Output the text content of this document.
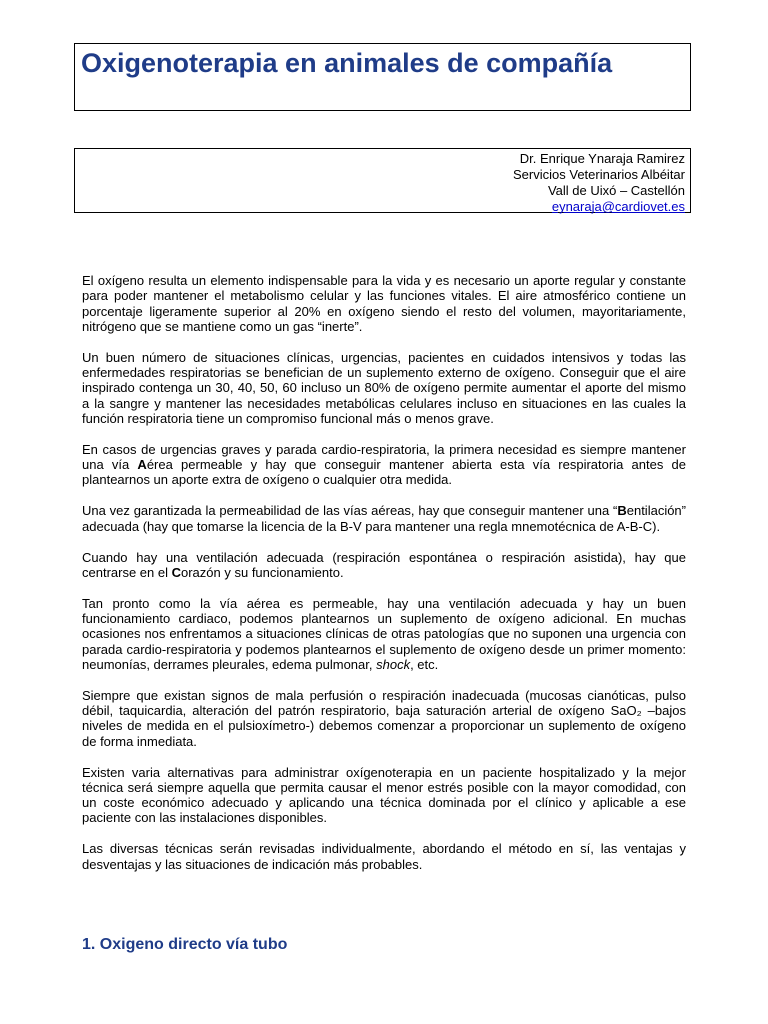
Oxigenoterapia en animales de compañía
Dr. Enrique Ynaraja Ramirez
Servicios Veterinarios Albéitar
Vall de Uixó – Castellón
eynaraja@cardiovet.es

El oxígeno resulta un elemento indispensable para la vida y es necesario un aporte regular y constante para poder mantener el metabolismo celular y las funciones vitales. El aire atmosférico contiene un porcentaje ligeramente superior al 20% en oxígeno siendo el resto del volumen, mayoritariamente, nitrógeno que se mantiene como un gas “inerte”.

Un buen número de situaciones clínicas, urgencias, pacientes en cuidados intensivos y todas las enfermedades respiratorias se benefician de un suplemento externo de oxígeno. Conseguir que el aire inspirado contenga un 30, 40, 50, 60 incluso un 80% de oxígeno permite aumentar el aporte del mismo a la sangre y mantener las necesidades metabólicas celulares incluso en situaciones en las cuales la función respiratoria tiene un compromiso funcional más o menos grave.

En casos de urgencias graves y parada cardio-respiratoria, la primera necesidad es siempre mantener una vía Aérea permeable y hay que conseguir mantener abierta esta vía respiratoria antes de plantearnos un aporte extra de oxígeno o cualquier otra medida.

Una vez garantizada la permeabilidad de las vías aéreas, hay que conseguir mantener una “Bentilación” adecuada (hay que tomarse la licencia de la B-V para mantener una regla mnemotécnica de A-B-C).

Cuando hay una ventilación adecuada (respiración espontánea o respiración asistida), hay que centrarse en el Corazón y su funcionamiento.

Tan pronto como la vía aérea es permeable, hay una ventilación adecuada y hay un buen funcionamiento cardiaco, podemos plantearnos un suplemento de oxígeno adicional. En muchas ocasiones nos enfrentamos a situaciones clínicas de otras patologías que no suponen una urgencia con parada cardio-respiratoria y podemos plantearnos el suplemento de oxígeno desde un primer momento: neumonías, derrames pleurales, edema pulmonar, shock, etc.

Siempre que existan signos de mala perfusión o respiración inadecuada (mucosas cianóticas, pulso débil, taquicardia, alteración del patrón respiratorio, baja saturación arterial de oxígeno SaO₂ –bajos niveles de medida en el pulsioxímetro-) debemos comenzar a proporcionar un suplemento de oxígeno de forma inmediata.

Existen varia alternativas para administrar oxígenoterapia en un paciente hospitalizado y la mejor técnica será siempre aquella que permita causar el menor estrés posible con la mayor comodidad, con un coste económico adecuado y aplicando una técnica dominada por el clínico y aplicable a ese paciente con las instalaciones disponibles.

Las diversas técnicas serán revisadas individualmente, abordando el método en sí, las ventajas y desventajas y las situaciones de indicación más probables.

1. Oxigeno directo vía tubo
